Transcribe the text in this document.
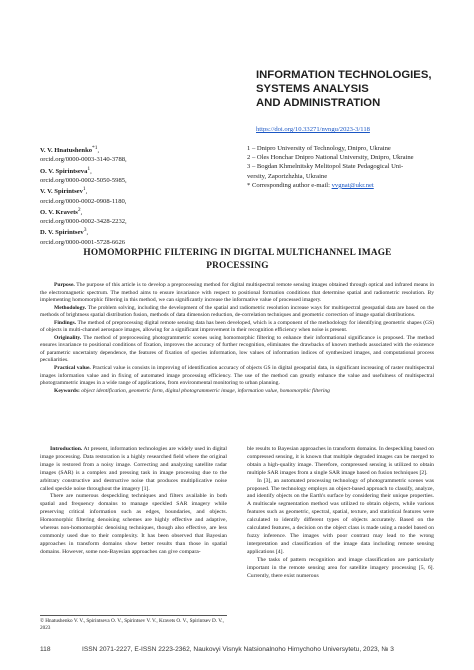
INFORMATION TECHNOLOGIES,
SYSTEMS ANALYSIS
AND ADMINISTRATION
https://doi.org/10.33271/nvngu/2023-3/118
V. V. Hnatushenko$^{*1}$,
orcid.org/0000-0003-3140-3788,
O. V. Spirintseva$^1$,
orcid.org/0000-0002-5050-5985,
V. V. Spirintsev$^1$,
orcid.org/0000-0002-0908-1180,
O. V. Kravets$^2$,
orcid.org/0000-0002-3428-2232,
D. V. Spirintsev$^3$,
orcid.org/0000-0001-5728-6626
1 – Dnipro University of Technology, Dnipro, Ukraine
2 – Oles Honchar Dnipro National University, Dnipro, Ukraine
3 – Bogdan Khmelnitsky Melitopol State Pedagogical Uni-
versity, Zaporizhzhia, Ukraine
* Corresponding author e-mail: vvgnat@ukr.net
HOMOMORPHIC FILTERING IN DIGITAL MULTICHANNEL IMAGE
PROCESSING

Purpose. The purpose of this article is to develop a preprocessing method for digital multispectral remote sensing images obtained through optical and infrared means in the electromagnetic spectrum. The method aims to ensure invariance with respect to positional formation conditions that determine spatial and radiometric resolution. By implementing homomorphic filtering in this method, we can significantly increase the informative value of processed imagery.

Methodology. The problem solving, including the development of the spatial and radiometric resolution increase ways for multispectral geospatial data are based on the methods of brightness spatial distribution fusion, methods of data dimension reduction, de-correlation techniques and geometric correction of image spatial distributions.

Findings. The method of preprocessing digital remote sensing data has been developed, which is a component of the methodology for identifying geometric shapes (GS) of objects in multi-channel aerospace images, allowing for a significant improvement in their recognition efficiency when noise is present.

Originality. The method of preprocessing photogrammetric scenes using homomorphic filtering to enhance their informational significance is proposed. The method ensures invariance to positional conditions of fixation, improves the accuracy of further recognition, eliminates the drawbacks of known methods associated with the existence of parametric uncertainty dependence, the features of fixation of species information, low values of information indices of synthesized images, and computational process peculiarities.

Practical value. Practical value is consists in improving of identification accuracy of objects GS in digital geospatial data, in significant increasing of raster multispectral images information value and in fixing of automated image processing efficiency. The use of the method can greatly enhance the value and usefulness of multispectral photogrammetric images in a wide range of applications, from environmental monitoring to urban planning.

Keywords: object identification, geometric form, digital photogrammetric image, information value, homomorphic filtering

Introduction. At present, information technologies are widely used in digital image processing. Data restoration is a highly researched field where the original image is restored from a noisy image. Correcting and analyzing satellite radar images (SAR) is a complex and pressing task in image processing due to the arbitrary constructive and destructive noise that produces multiplicative noise called speckle noise throughout the imagery [1].

There are numerous despeckling techniques and filters available in both spatial and frequency domains to manage speckled SAR imagery while preserving critical information such as edges, boundaries, and objects. Homomorphic filtering denoising schemes are highly effective and adaptive, whereas non-homomorphic denoising techniques, though also effective, are less commonly used due to their complexity. It has been observed that Bayesian approaches in transform domains show better results than those in spatial domains. However, some non-Bayesian approaches can give compara-

ble results to Bayesian approaches in transform domains. In despeckling based on compressed sensing, it is known that multiple degraded images can be merged to obtain a high-quality image. Therefore, compressed sensing is utilized to obtain multiple SAR images from a single SAR image based on fusion techniques [2].

In [3], an automated processing technology of photogrammetric scenes was proposed. The technology employs an object-based approach to classify, analyze, and identify objects on the Earth's surface by considering their unique properties. A multiscale segmentation method was utilized to obtain objects, while various features such as geometric, spectral, spatial, texture, and statistical features were calculated to identify different types of objects accurately. Based on the calculated features, a decision on the object class is made using a model based on fuzzy inference. The images with poor contrast may lead to the wrong interpretation and classification of the image data including remote sensing applications [4].

The tasks of pattern recognition and image classification are particularly important in the remote sensing area for satellite imagery processing [5, 6]. Currently, there exist numerous

© Hnatushenko V. V., Spirintseva O. V., Spirintsev V. V., Kravets O. V., Spirintsev D. V., 2023
118	ISSN 2071-2227, E-ISSN 2223-2362, Naukovyi Visnyk Natsionalnoho Hirnychoho Universytetu, 2023, № 3
